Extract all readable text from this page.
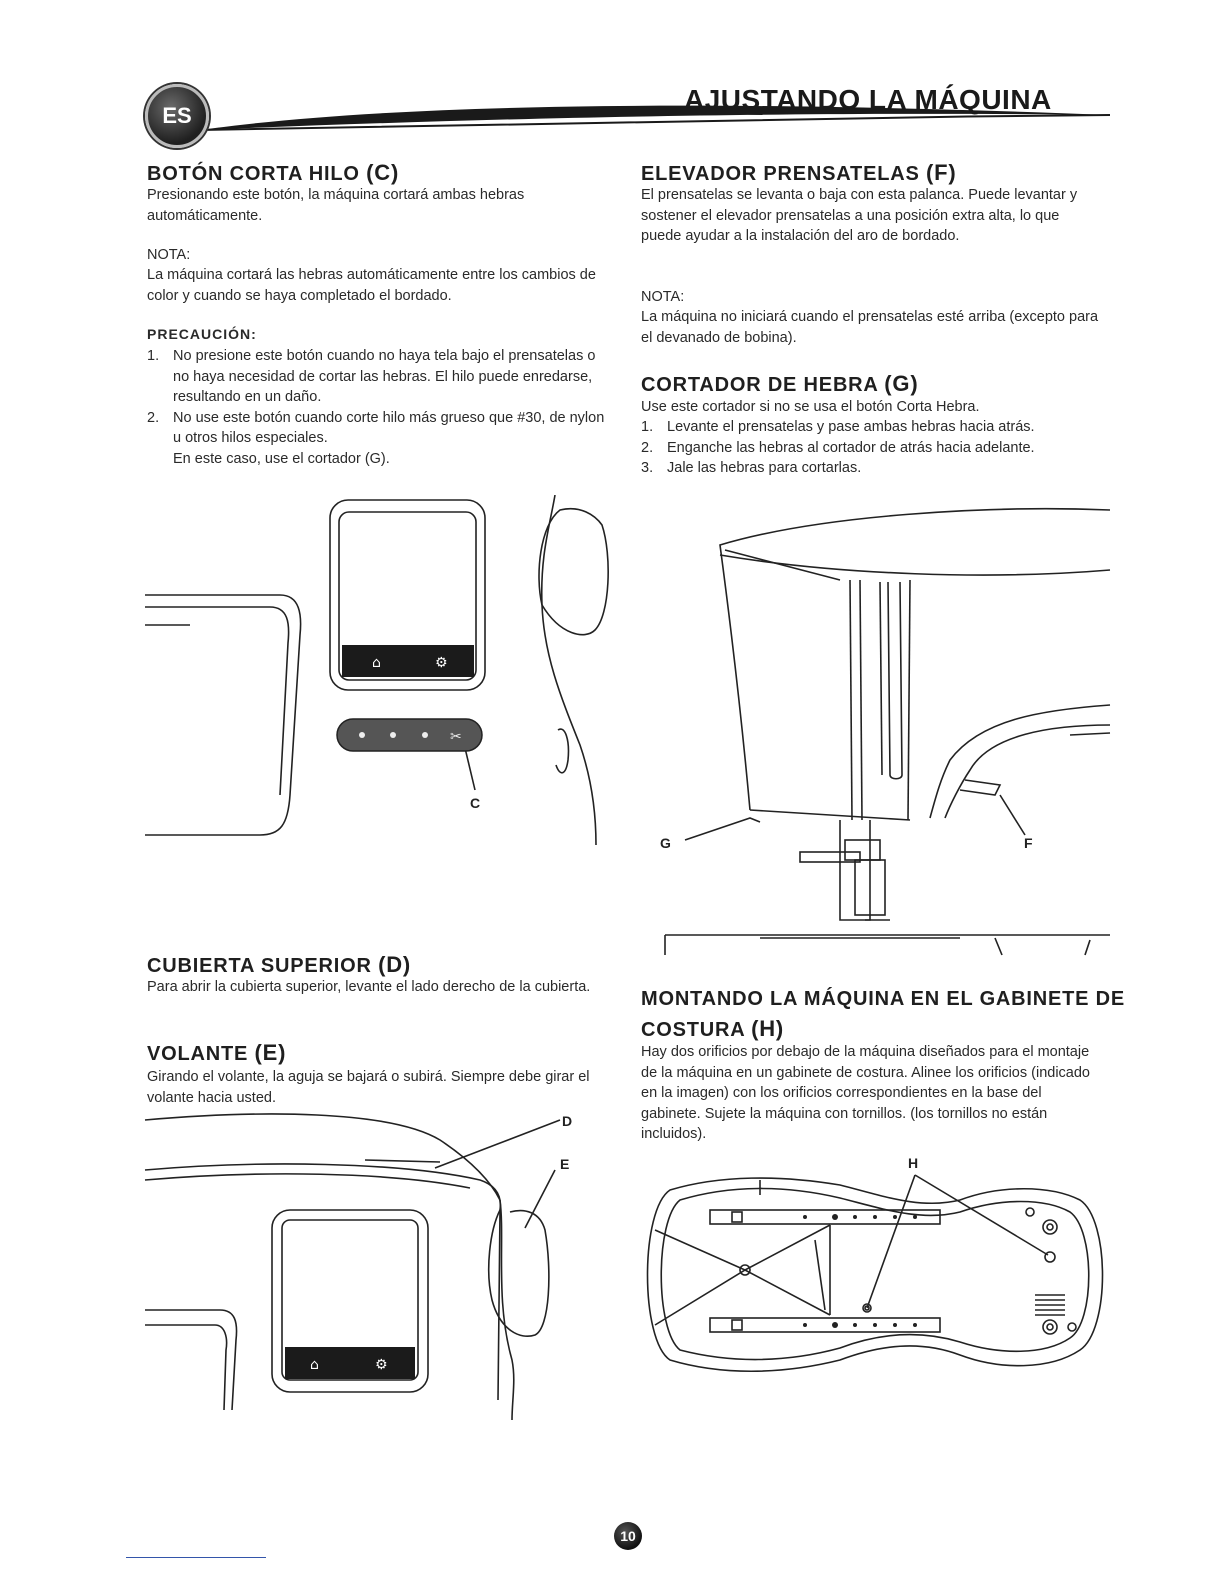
ES
AJUSTANDO LA MÁQUINA
BOTÓN CORTA HILO (C)
Presionando este botón, la máquina cortará ambas hebras automáticamente.
NOTA:
La máquina cortará las hebras automáticamente entre los cambios de color y cuando se haya completado el bordado.
PRECAUCIÓN:
1. No presione este botón cuando no haya tela bajo el prensatelas o no haya necesidad de cortar las hebras. El hilo puede enredarse, resultando en un daño.
2. No use este botón cuando corte hilo más grueso que #30, de nylon u otros hilos especiales.
En este caso, use el cortador (G).
⌂	⚙
✂
C
CUBIERTA SUPERIOR (D)
Para abrir la cubierta superior, levante el lado derecho de la cubierta.
VOLANTE (E)
Girando el volante, la aguja se bajará o subirá. Siempre debe girar el volante hacia usted.
⌂	⚙
D
E
ELEVADOR PRENSATELAS (F)
El prensatelas se levanta o baja con esta palanca. Puede levantar y sostener el elevador prensatelas a una posición extra alta, lo que puede ayudar a la instalación del aro de bordado.
NOTA:
La máquina no iniciará cuando el prensatelas esté arriba (excepto para el devanado de bobina).
CORTADOR DE HEBRA (G)
Use este cortador si no se usa el botón Corta Hebra.
1. Levante el prensatelas y pase ambas hebras hacia atrás.
2. Enganche las hebras al cortador de atrás hacia adelante.
3. Jale las hebras para cortarlas.
G	F
MONTANDO LA MÁQUINA EN EL GABINETE DE
COSTURA (H)
Hay dos orificios por debajo de la máquina diseñados para el montaje de la máquina en un gabinete de costura. Alinee los orificios (indicado en la imagen) con los orificios correspondientes en la base del gabinete. Sujete la máquina con tornillos. (los tornillos no están incluidos).
H
10
